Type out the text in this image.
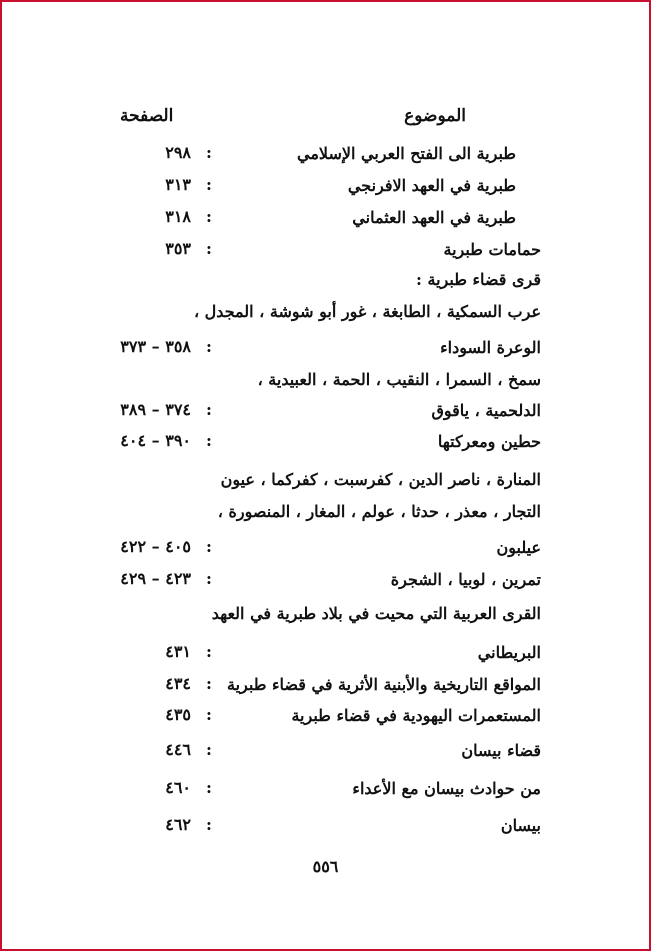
الموضوع
الصفحة
طبرية الى الفتح العربي الإسلامي
:
٢٩٨
طبرية في العهد الافرنجي
:
٣١٣
طبرية في العهد العثماني
:
٣١٨
حمامات طبرية
:
٣٥٣
قرى قضاء طبرية :
عرب السمكية ، الطابغة ، غور أبو شوشة ، المجدل ،
الوعرة السوداء
:
٣٥٨ – ٣٧٣
سمخ ، السمرا ، النقيب ، الحمة ، العبيدية ،
الدلحمية ، ياقوق
:
٣٧٤ – ٣٨٩
حطين ومعركتها
:
٣٩٠ – ٤٠٤
المنارة ، ناصر الدين ، كفرسبت ، كفركما ، عيون
التجار ، معذر ، حدثا ، عولم ، المغار ، المنصورة ،
عيلبون
:
٤٠٥ – ٤٢٢
تمرين ، لوبيا ، الشجرة
:
٤٢٣ – ٤٢٩
القرى العربية التي محيت في بلاد طبرية في العهد
البريطاني
:
٤٣١
المواقع التاريخية والأبنية الأثرية في قضاء طبرية
:
٤٣٤
المستعمرات اليهودية في قضاء طبرية
:
٤٣٥
قضاء بيسان
:
٤٤٦
من حوادث بيسان مع الأعداء
:
٤٦٠
بيسان
:
٤٦٢
٥٥٦
